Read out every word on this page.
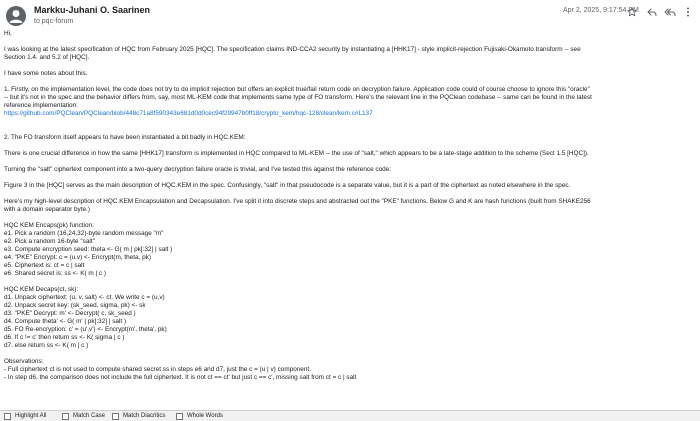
Markku-Juhani O. Saarinen
to pqc-forum
Apr 2, 2025, 9:17:54 PM
Hi,
I was looking at the latest specification of HQC from February 2025 [HQC]. The specification claims IND-CCA2 security by instantiating a [HHK17] - style implicit-rejection Fujisaki-Okamoto transform -- see
Section 1.4. and 5.2 of [HQC].
I have some notes about this.
1. Firstly, on the implementation level, the code does not try to do implicit rejection but offers an explicit true/fail return code on decryption failure. Application code could of course choose to ignore this "oracle"
-- but it's not in the spec and the behavior differs from, say, most ML-KEM code that implements same type of FO transform. Here's the relevant line in the PQClean codebase -- same can be found in the latest
reference implementation:
https://github.com/PQClean/PQClean/blob/448c71a8f590343e681d0d0cec94f29947b0ff18/crypto_kem/hqc-128/clean/kem.c#L137
2. The FO transform itself appears to have been instantiated a bit badly in HQC.KEM:
There is one crucial difference in how the same [HHK17] transform is implemented in HQC compared to ML-KEM -- the use of "salt," which appears to be a late-stage addition to the scheme (Sect 1.5 [HQC]).
Turning the "salt" ciphertext component into a two-query decryption failure oracle is trivial, and I've tested this against the reference code:
Figure 3 in the [HQC] serves as the main description of HQC.KEM in the spec. Confusingly, "salt" in that pseudocode is a separate value, but it is a part of the ciphertext as noted elsewhere in the spec.
Here's my high-level description of HQC.KEM Encapsulation and Decapsulation. I've split it into discrete steps and abstracted out the "PKE" functions. Below G and K are hash functions (built from SHAKE256
with a domain separator byte.)
HQC KEM Encaps(pk) function:
e1. Pick a random (16,24,32)-byte random message "m"
e2. Pick a random 16-byte "salt"
e3. Compute encryption seed: theta <- G( m | pk[:32] | salt )
e4. "PKE" Encrypt: c = (u,v) <- Encrypt(m, theta, pk)
e5. Ciphertext is: ct = c | salt
e6. Shared secret is: ss <- K( m | c )
HQC KEM Decaps(ct, sk):
d1. Unpack ciphertext: (u, v, salt) <- ct. We write c = (u,v)
d2. Unpack secret key: (sk_seed, sigma, pk) <- sk
d3. "PKE" Decrypt: m' <- Decrypt( c, sk_seed )
d4. Compute theta' <- G( m' | pk[:32] | salt )
d5. FO Re-encryption: c' = (u',v') <- Encrypt(m', theta', pk)
d6. If c != c' then return ss <- K( sigma | c )
d7. else return ss <- K( m | c )
Observations:
- Full ciphertext ct is not used to compute shared secret ss in steps e6 and d7, just the c = (u | v) component.
- In step d6, the comparison does not include the full ciphertext. It is not ct == ct' but just c == c', missing salt from ct = c | salt
Highlight All	Match Case	Match Diacritics	Whole Words
